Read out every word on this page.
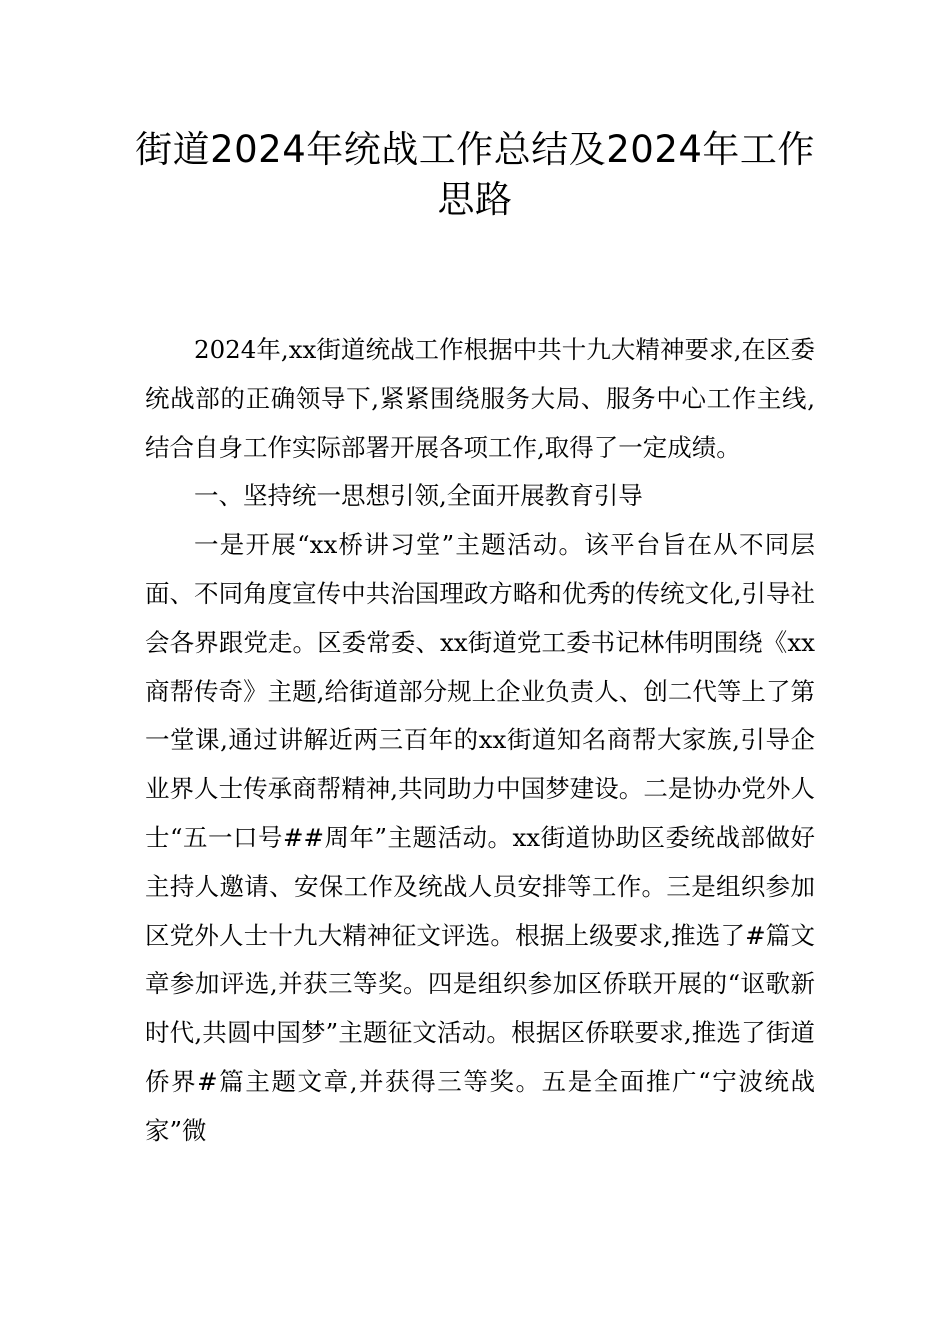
街道2024年统战工作总结及2024年工作思路

2024年,xx街道统战工作根据中共十九大精神要求,在区委统战部的正确领导下,紧紧围绕服务大局、服务中心工作主线,结合自身工作实际部署开展各项工作,取得了一定成绩。

一、坚持统一思想引领,全面开展教育引导

一是开展“xx桥讲习堂”主题活动。该平台旨在从不同层面、不同角度宣传中共治国理政方略和优秀的传统文化,引导社会各界跟党走。区委常委、xx街道党工委书记林伟明围绕《xx商帮传奇》主题,给街道部分规上企业负责人、创二代等上了第一堂课,通过讲解近两三百年的xx街道知名商帮大家族,引导企业界人士传承商帮精神,共同助力中国梦建设。二是协办党外人士“五一口号##周年”主题活动。xx街道协助区委统战部做好主持人邀请、安保工作及统战人员安排等工作。三是组织参加区党外人士十九大精神征文评选。根据上级要求,推选了#篇文章参加评选,并获三等奖。四是组织参加区侨联开展的“讴歌新时代,共圆中国梦”主题征文活动。根据区侨联要求,推选了街道侨界#篇主题文章,并获得三等奖。五是全面推广“宁波统战家”微
